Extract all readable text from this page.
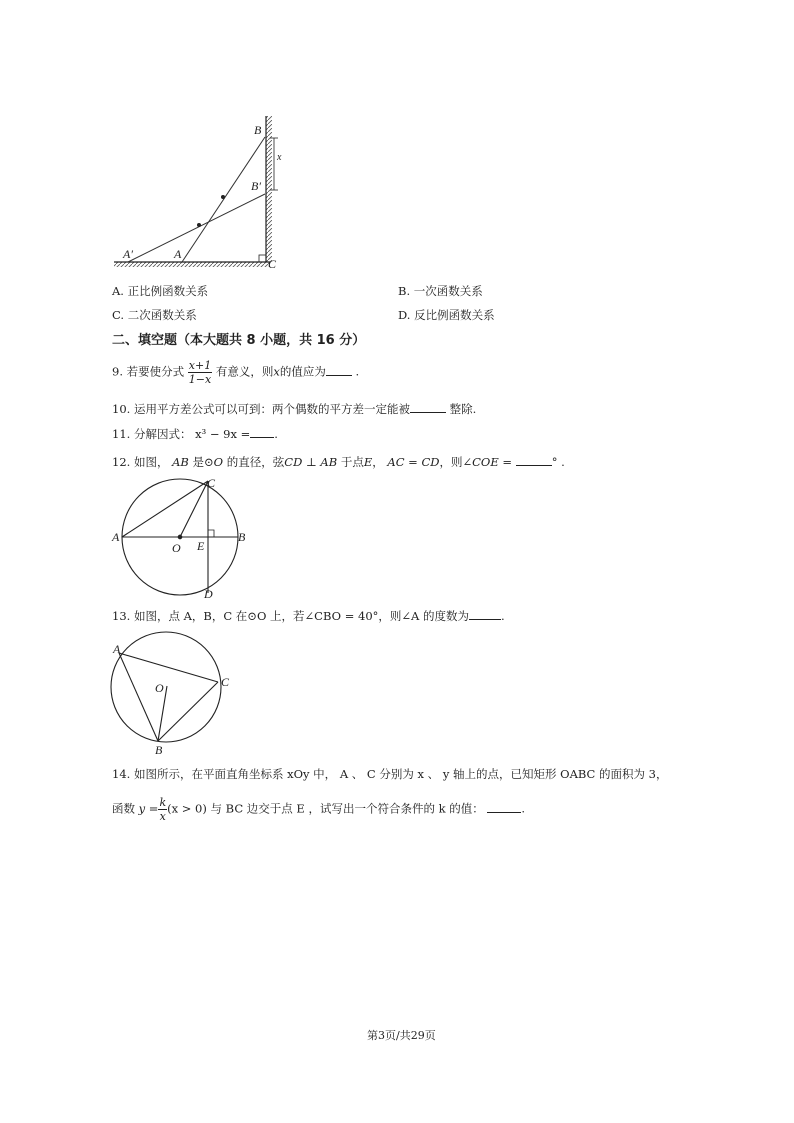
B
B′
x
A′	A
C
A	B
C
O E
D
A
C
O
B
A. 正比例函数关系	B. 一次函数关系
C. 二次函数关系	D. 反比例函数关系
二、填空题（本大题共 8 小题，共 16 分）
9. 若要使分式 $\frac{x+1}{1-x}$ 有意义，则x的值应为	.
10. 运用平方差公式可以可到：两个偶数的平方差一定能被	整除.
11. 分解因式： x³ − 9x = .
12. 如图， AB 是⊙O 的直径，弦CD ⊥ AB 于点E， AC = CD，则∠COE =	° .
13. 如图，点 A，B，C 在⊙O 上，若∠CBO = 40°，则∠A 的度数为	.
14. 如图所示，在平面直角坐标系 xOy 中， A 、 C 分别为 x 、 y 轴上的点，已知矩形 OABC 的面积为 3，
函数 $y = \frac{k}{x} (x > 0)$ 与 BC 边交于点 E ，试写出一个符合条件的 k 的值：	.
第3页/共29页
